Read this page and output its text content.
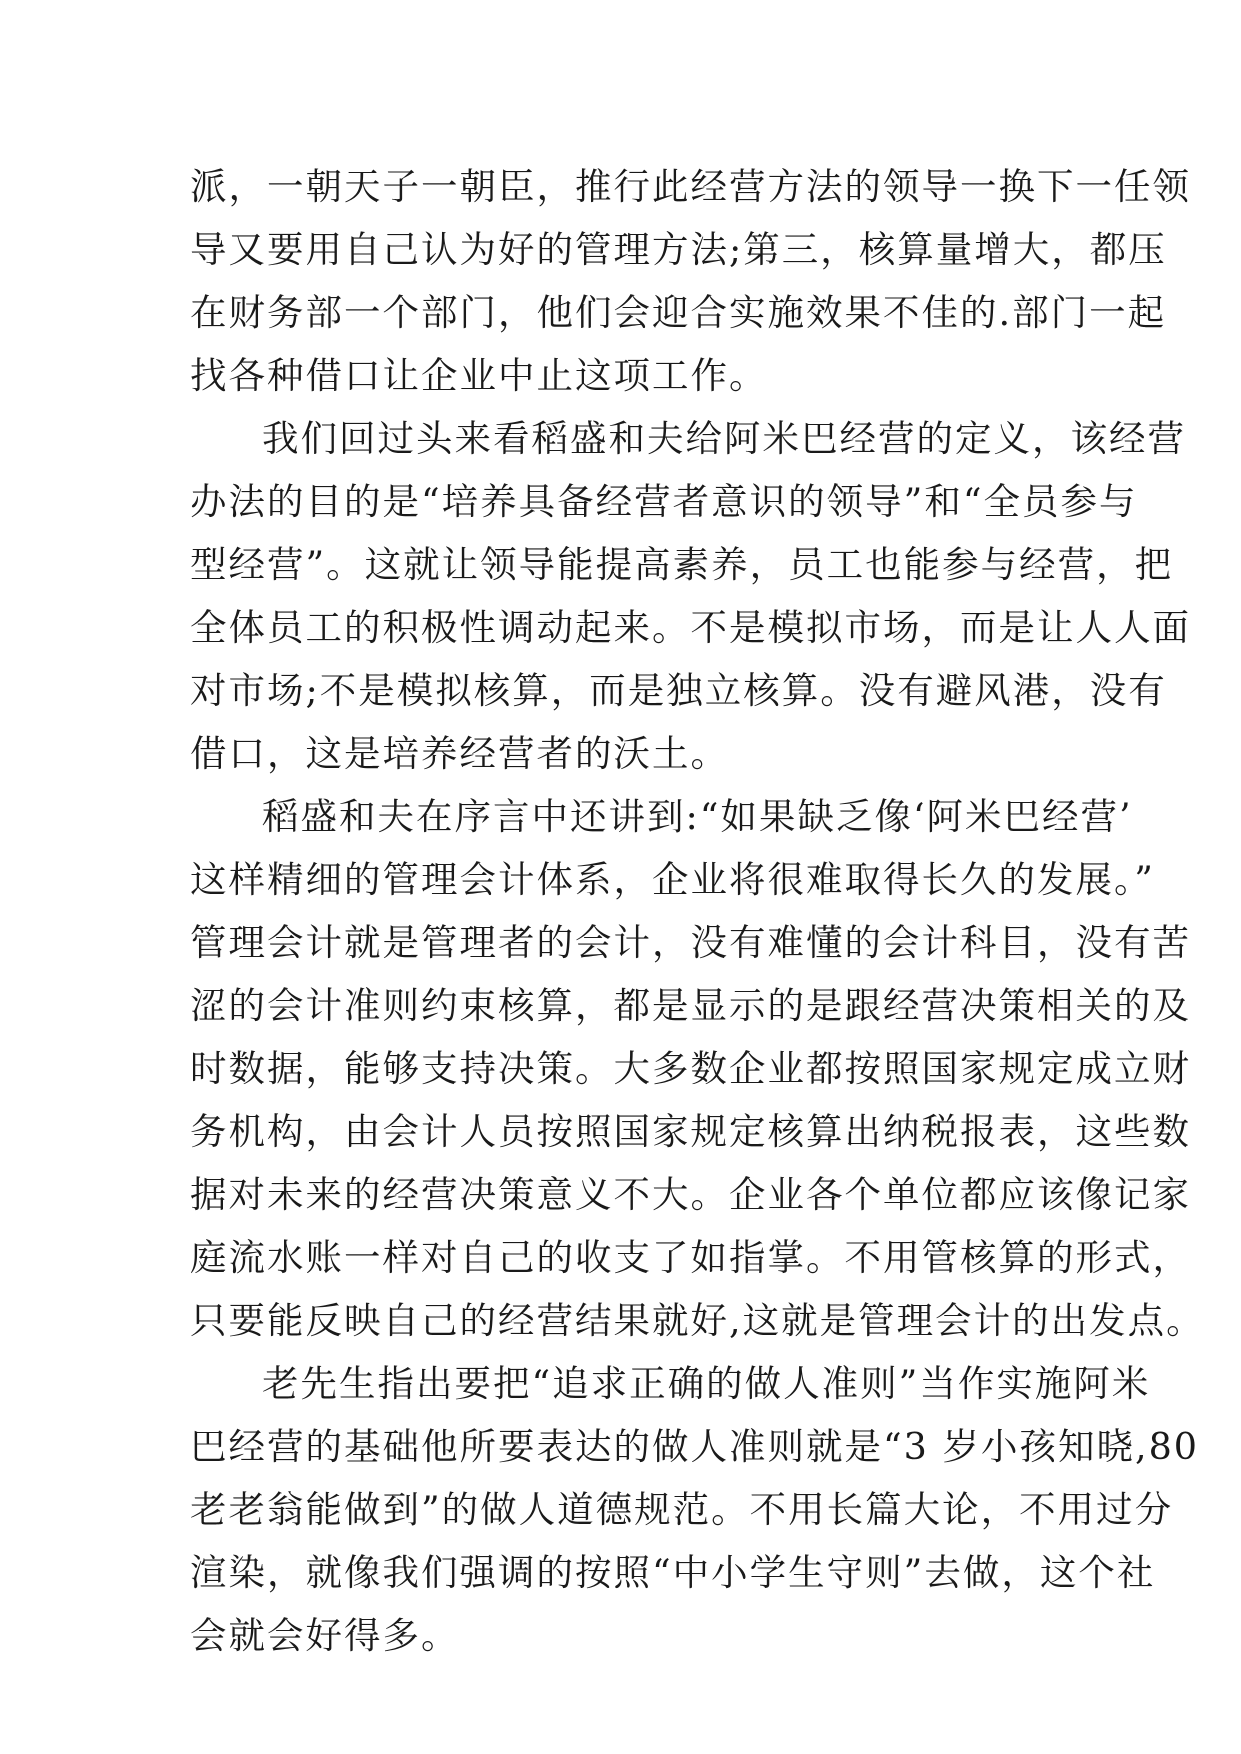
派，一朝天子一朝臣，推行此经营方法的领导一换下一任领
导又要用自己认为好的管理方法;第三，核算量增大，都压
在财务部一个部门，他们会迎合实施效果不佳的.部门一起
找各种借口让企业中止这项工作。
我们回过头来看稻盛和夫给阿米巴经营的定义，该经营
办法的目的是“培养具备经营者意识的领导”和“全员参与
型经营”。这就让领导能提高素养，员工也能参与经营，把
全体员工的积极性调动起来。不是模拟市场，而是让人人面
对市场;不是模拟核算，而是独立核算。没有避风港，没有
借口，这是培养经营者的沃土。
稻盛和夫在序言中还讲到:“如果缺乏像‘阿米巴经营’
这样精细的管理会计体系，企业将很难取得长久的发展。”
管理会计就是管理者的会计，没有难懂的会计科目，没有苦
涩的会计准则约束核算，都是显示的是跟经营决策相关的及
时数据，能够支持决策。大多数企业都按照国家规定成立财
务机构，由会计人员按照国家规定核算出纳税报表，这些数
据对未来的经营决策意义不大。企业各个单位都应该像记家
庭流水账一样对自己的收支了如指掌。不用管核算的形式，
只要能反映自己的经营结果就好,这就是管理会计的出发点。
老先生指出要把“追求正确的做人准则”当作实施阿米
巴经营的基础他所要表达的做人准则就是“3 岁小孩知晓,80
老老翁能做到”的做人道德规范。不用长篇大论，不用过分
渲染，就像我们强调的按照“中小学生守则”去做，这个社
会就会好得多。
